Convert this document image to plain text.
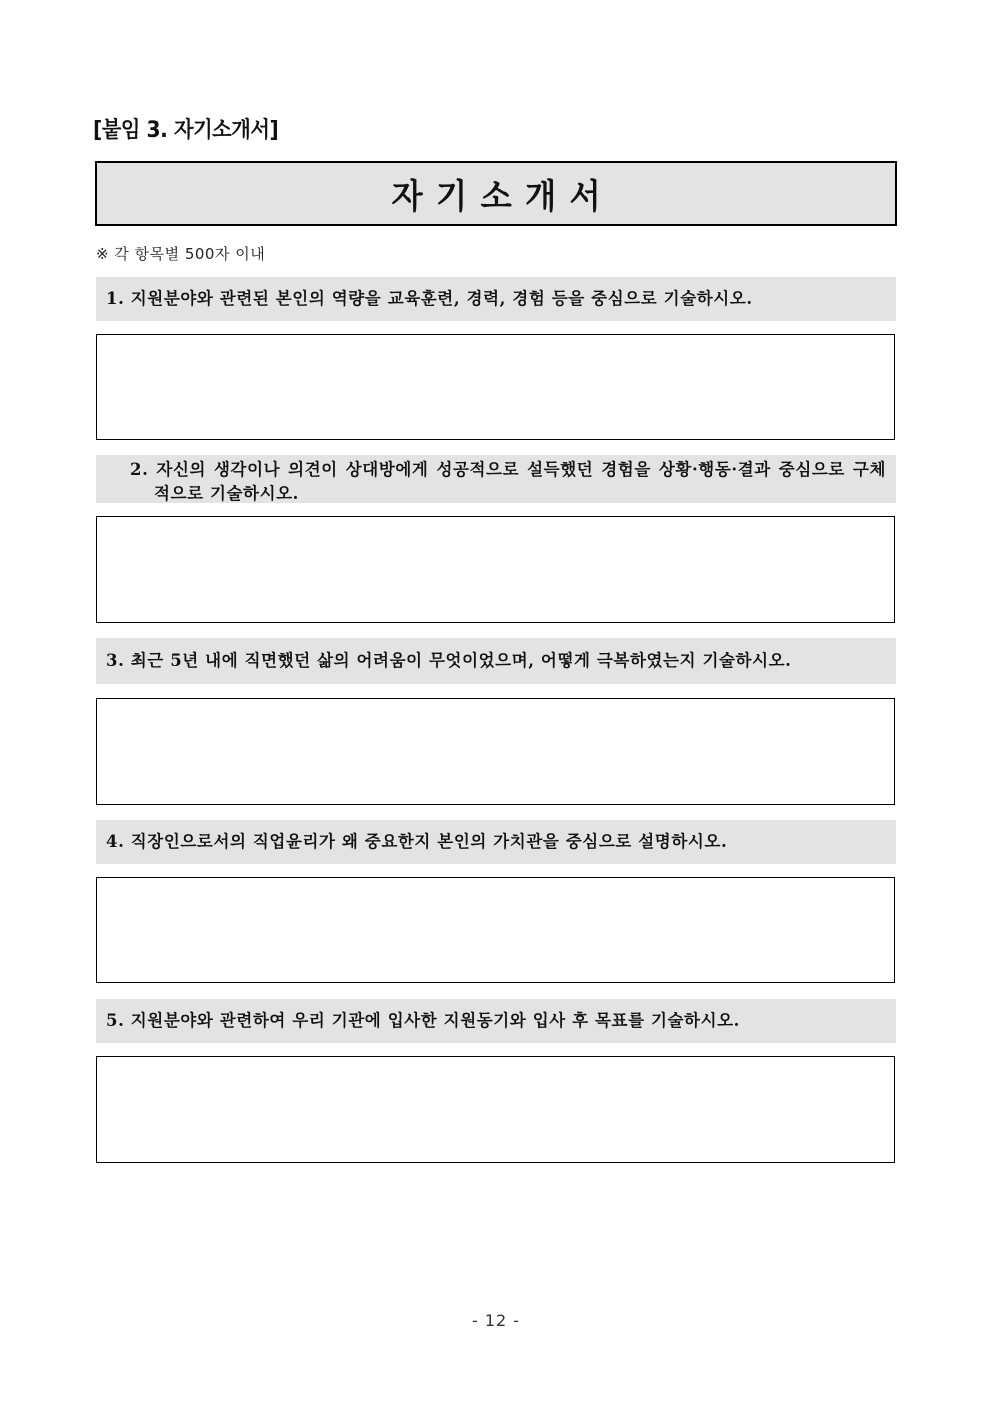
[붙임 3. 자기소개서]
자기소개서
※ 각 항목별 500자 이내
1. 지원분야와 관련된 본인의 역량을 교육훈련, 경력, 경험 등을 중심으로 기술하시오.
2. 자신의 생각이나 의견이 상대방에게 성공적으로 설득했던 경험을 상황·행동·결과 중심으로 구체적으로 기술하시오.
3. 최근 5년 내에 직면했던 삶의 어려움이 무엇이었으며, 어떻게 극복하였는지 기술하시오.
4. 직장인으로서의 직업윤리가 왜 중요한지 본인의 가치관을 중심으로 설명하시오.
5. 지원분야와 관련하여 우리 기관에 입사한 지원동기와 입사 후 목표를 기술하시오.
- 12 -
